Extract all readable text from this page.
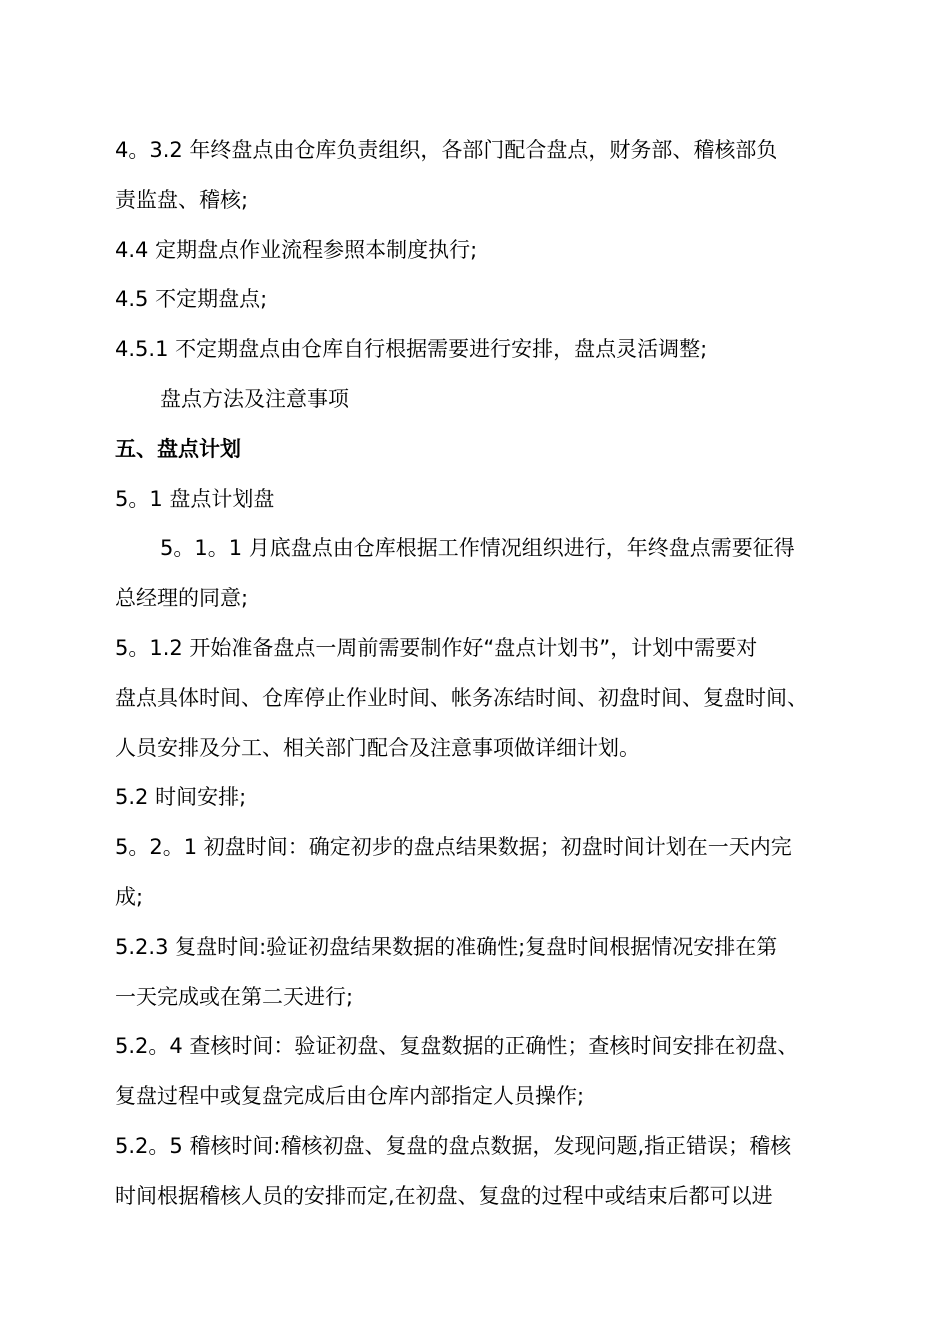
4。3.2 年终盘点由仓库负责组织，各部门配合盘点，财务部、稽核部负
责监盘、稽核;
4.4 定期盘点作业流程参照本制度执行;
4.5 不定期盘点;
4.5.1 不定期盘点由仓库自行根据需要进行安排，盘点灵活调整;
盘点方法及注意事项
五、盘点计划
5。1 盘点计划盘
5。1。1 月底盘点由仓库根据工作情况组织进行，年终盘点需要征得
总经理的同意;
5。1.2 开始准备盘点一周前需要制作好“盘点计划书”，计划中需要对
盘点具体时间、仓库停止作业时间、帐务冻结时间、初盘时间、复盘时间、
人员安排及分工、相关部门配合及注意事项做详细计划。
5.2 时间安排;
5。2。1 初盘时间：确定初步的盘点结果数据；初盘时间计划在一天内完
成;
5.2.3 复盘时间:验证初盘结果数据的准确性;复盘时间根据情况安排在第
一天完成或在第二天进行;
5.2。4 查核时间：验证初盘、复盘数据的正确性；查核时间安排在初盘、
复盘过程中或复盘完成后由仓库内部指定人员操作;
5.2。5 稽核时间:稽核初盘、复盘的盘点数据，发现问题,指正错误；稽核
时间根据稽核人员的安排而定,在初盘、复盘的过程中或结束后都可以进
